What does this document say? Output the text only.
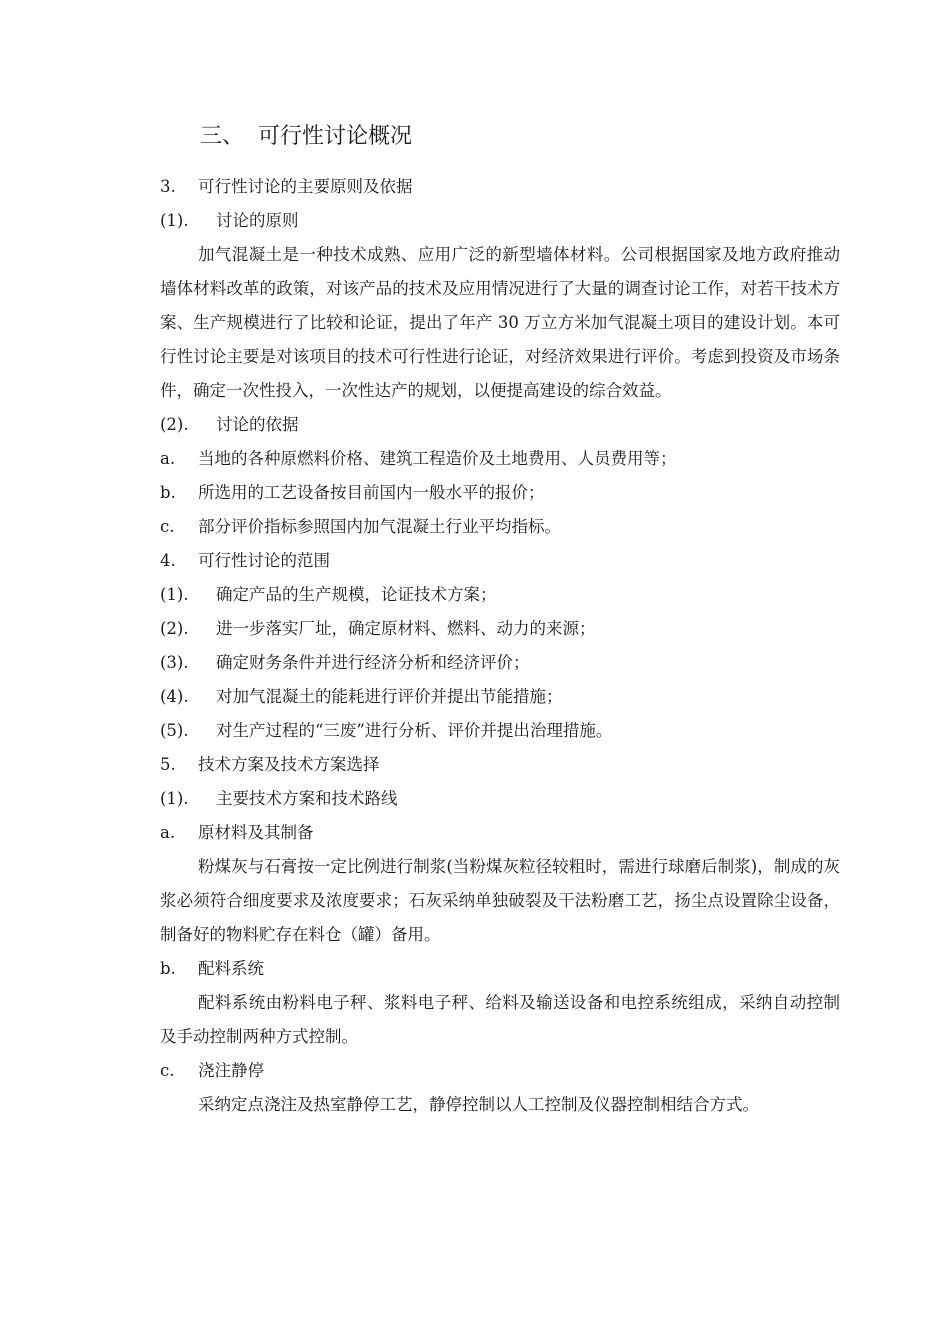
三、 可行性讨论概况
3. 可行性讨论的主要原则及依据
(1). 讨论的原则

加气混凝土是一种技术成熟、应用广泛的新型墙体材料。公司根据国家及地方政府推动墙体材料改革的政策，对该产品的技术及应用情况进行了大量的调查讨论工作，对若干技术方案、生产规模进行了比较和论证，提出了年产 30 万立方米加气混凝土项目的建设计划。本可行性讨论主要是对该项目的技术可行性进行论证，对经济效果进行评价。考虑到投资及市场条件，确定一次性投入，一次性达产的规划，以便提高建设的综合效益。

(2). 讨论的依据
a. 当地的各种原燃料价格、建筑工程造价及土地费用、人员费用等；
b. 所选用的工艺设备按目前国内一般水平的报价；
c. 部分评价指标参照国内加气混凝土行业平均指标。
4. 可行性讨论的范围
(1). 确定产品的生产规模，论证技术方案；
(2). 进一步落实厂址，确定原材料、燃料、动力的来源；
(3). 确定财务条件并进行经济分析和经济评价；
(4). 对加气混凝土的能耗进行评价并提出节能措施；
(5). 对生产过程的“三废”进行分析、评价并提出治理措施。
5. 技术方案及技术方案选择
(1). 主要技术方案和技术路线
a. 原材料及其制备

粉煤灰与石膏按一定比例进行制浆(当粉煤灰粒径较粗时，需进行球磨后制浆)，制成的灰浆必须符合细度要求及浓度要求；石灰采纳单独破裂及干法粉磨工艺，扬尘点设置除尘设备，制备好的物料贮存在料仓（罐）备用。

b. 配料系统

配料系统由粉料电子秤、浆料电子秤、给料及输送设备和电控系统组成，采纳自动控制及手动控制两种方式控制。

c. 浇注静停

采纳定点浇注及热室静停工艺，静停控制以人工控制及仪器控制相结合方式。
